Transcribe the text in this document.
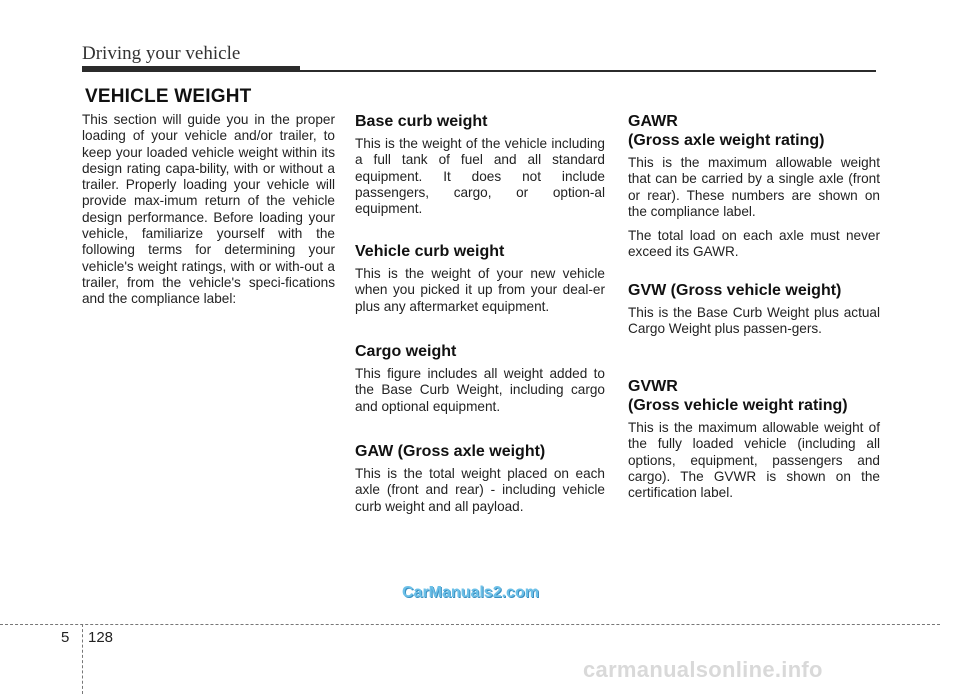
Driving your vehicle
VEHICLE WEIGHT

This section will guide you in the proper loading of your vehicle and/or trailer, to keep your loaded vehicle weight within its design rating capa-bility, with or without a trailer. Properly loading your vehicle will provide max-imum return of the vehicle design performance. Before loading your vehicle, familiarize yourself with the following terms for determining your vehicle's weight ratings, with or with-out a trailer, from the vehicle's speci-fications and the compliance label:

Base curb weight

This is the weight of the vehicle including a full tank of fuel and all standard equipment. It does not include passengers, cargo, or option-al equipment.

Vehicle curb weight

This is the weight of your new vehicle when you picked it up from your deal-er plus any aftermarket equipment.

Cargo weight

This figure includes all weight added to the Base Curb Weight, including cargo and optional equipment.

GAW (Gross axle weight)

This is the total weight placed on each axle (front and rear) - including vehicle curb weight and all payload.

GAWR
(Gross axle weight rating)

This is the maximum allowable weight that can be carried by a single axle (front or rear). These numbers are shown on the compliance label.

The total load on each axle must never exceed its GAWR.

GVW (Gross vehicle weight)

This is the Base Curb Weight plus actual Cargo Weight plus passen-gers.

GVWR
(Gross vehicle weight rating)

This is the maximum allowable weight of the fully loaded vehicle (including all options, equipment, passengers and cargo). The GVWR is shown on the certification label.

CarManuals2.com
5 128
carmanualsonline.info
